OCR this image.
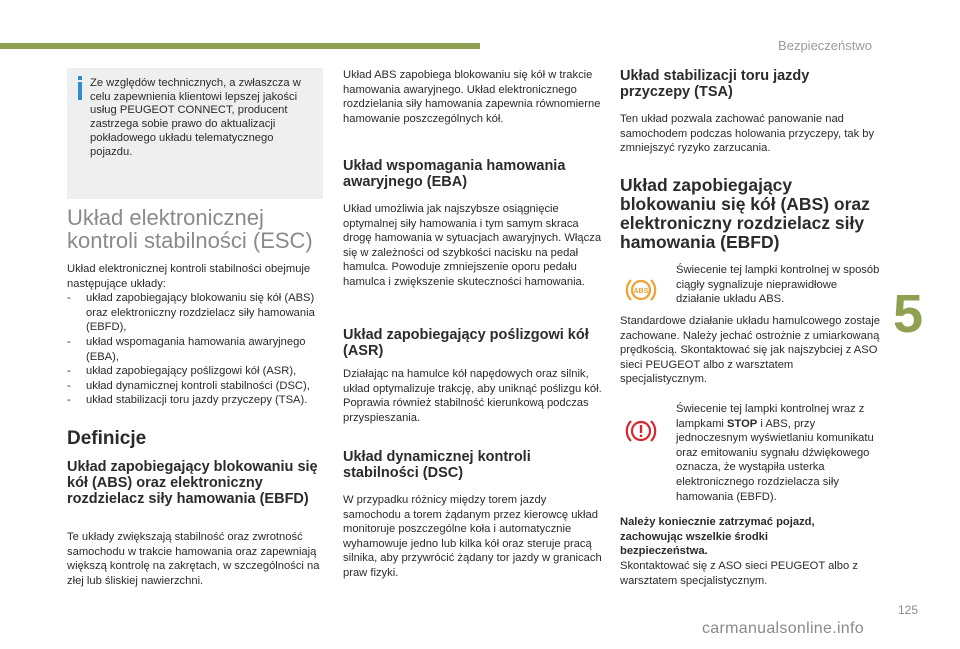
Bezpieczeństwo
5
125
carmanualsonline.info
Ze względów technicznych, a zwłaszcza w celu zapewnienia klientowi lepszej jakości usług PEUGEOT CONNECT, producent zastrzega sobie prawo do aktualizacji pokładowego układu telematycznego pojazdu.
Układ elektronicznej
kontroli stabilności (ESC)

Układ elektronicznej kontroli stabilności obejmuje następujące układy:

- układ zapobiegający blokowaniu się kół (ABS) oraz elektroniczny rozdzielacz siły hamowania (EBFD),
- układ wspomagania hamowania awaryjnego (EBA),
- układ zapobiegający poślizgowi kół (ASR),
- układ dynamicznej kontroli stabilności (DSC),
- układ stabilizacji toru jazdy przyczepy (TSA).
Definicje
Układ zapobiegający blokowaniu się kół (ABS) oraz elektroniczny rozdzielacz siły hamowania (EBFD)

Te układy zwiększają stabilność oraz zwrotność samochodu w trakcie hamowania oraz zapewniają większą kontrolę na zakrętach, w szczególności na złej lub śliskiej nawierzchni.

Układ ABS zapobiega blokowaniu się kół w trakcie hamowania awaryjnego. Układ elektronicznego rozdzielania siły hamowania zapewnia równomierne hamowanie poszczególnych kół.

Układ wspomagania hamowania awaryjnego (EBA)

Układ umożliwia jak najszybsze osiągnięcie optymalnej siły hamowania i tym samym skraca drogę hamowania w sytuacjach awaryjnych. Włącza się w zależności od szybkości nacisku na pedał hamulca. Powoduje zmniejszenie oporu pedału hamulca i zwiększenie skuteczności hamowania.

Układ zapobiegający poślizgowi kół (ASR)

Działając na hamulce kół napędowych oraz silnik, układ optymalizuje trakcję, aby uniknąć poślizgu kół. Poprawia również stabilność kierunkową podczas przyspieszania.

Układ dynamicznej kontroli stabilności (DSC)

W przypadku różnicy między torem jazdy samochodu a torem żądanym przez kierowcę układ monitoruje poszczególne koła i automatycznie wyhamowuje jedno lub kilka kół oraz steruje pracą silnika, aby przywrócić żądany tor jazdy w granicach praw fizyki.

Układ stabilizacji toru jazdy przyczepy (TSA)

Ten układ pozwala zachować panowanie nad samochodem podczas holowania przyczepy, tak by zmniejszyć ryzyko zarzucania.

Układ zapobiegający blokowaniu się kół (ABS) oraz elektroniczny rozdzielacz siły hamowania (EBFD)
ABS

Świecenie tej lampki kontrolnej w sposób ciągły sygnalizuje nieprawidłowe działanie układu ABS.

Standardowe działanie układu hamulcowego zostaje zachowane. Należy jechać ostrożnie z umiarkowaną prędkością. Skontaktować się jak najszybciej z ASO sieci PEUGEOT albo z warsztatem specjalistycznym.

Świecenie tej lampki kontrolnej wraz z lampkami STOP i ABS, przy jednoczesnym wyświetlaniu komunikatu oraz emitowaniu sygnału dźwiękowego oznacza, że wystąpiła usterka elektronicznego rozdzielacza siły hamowania (EBFD).

Należy koniecznie zatrzymać pojazd, zachowując wszelkie środki bezpieczeństwa.

Skontaktować się z ASO sieci PEUGEOT albo z warsztatem specjalistycznym.
